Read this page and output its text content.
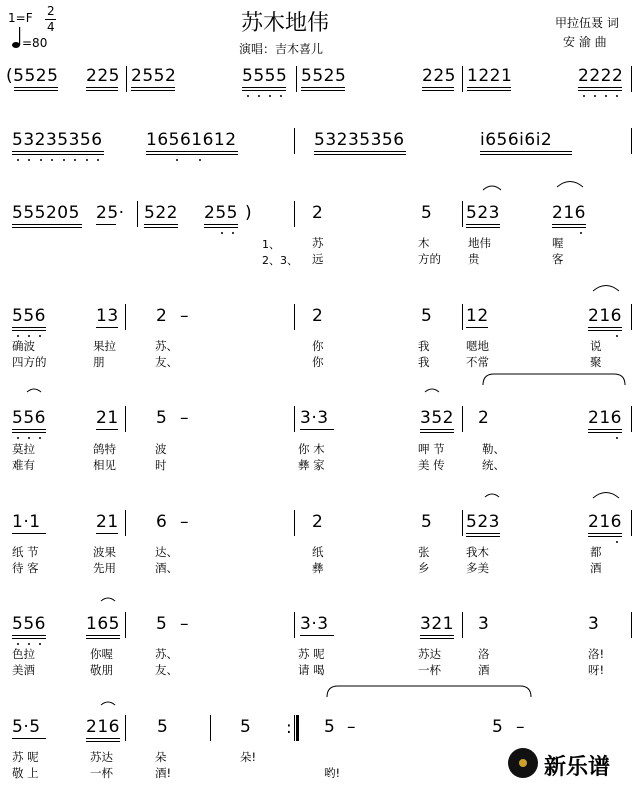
1=F 2
4
=80
苏木地伟
演唱：吉木喜儿
甲拉伍聂 词
安 渝 曲
(5525 225 2552	5555 5525	225 1221	2222
53235356	16561612	53235356	i656i6i2
555205 25· 522 255 )	2	5 523	216
1、
2、3、
苏	木	地伟	喔
远	方的 贵	客
556	13 2 –	2	5 12	216
确波	果拉	苏、	你	我	嗯地	说
四方的	朋	友、	你	我	不常	聚
556	21 5 –	3·3	352 2	216
莫拉	鸽特	波	你 木	呷 节	勒、
难有	相见	时	彝 家	美 传	统、
1·1	21 6 –	2	5 523	216
纸 节	波果	达、	纸	张	我木	都
待 客	先用	酒、	彝	乡	多美	酒
556 165 5 –	3·3	321 3	3
色拉	你喔	苏、	苏 呢	苏达	洛	洛!
美酒	敬朋	友、	请 喝	一杯	酒	呀!
5·5	216 5	5	5 –	5 –
:
苏 呢	苏达	朵	朵!
敬 上	一杯	酒!	哟!	新乐谱
